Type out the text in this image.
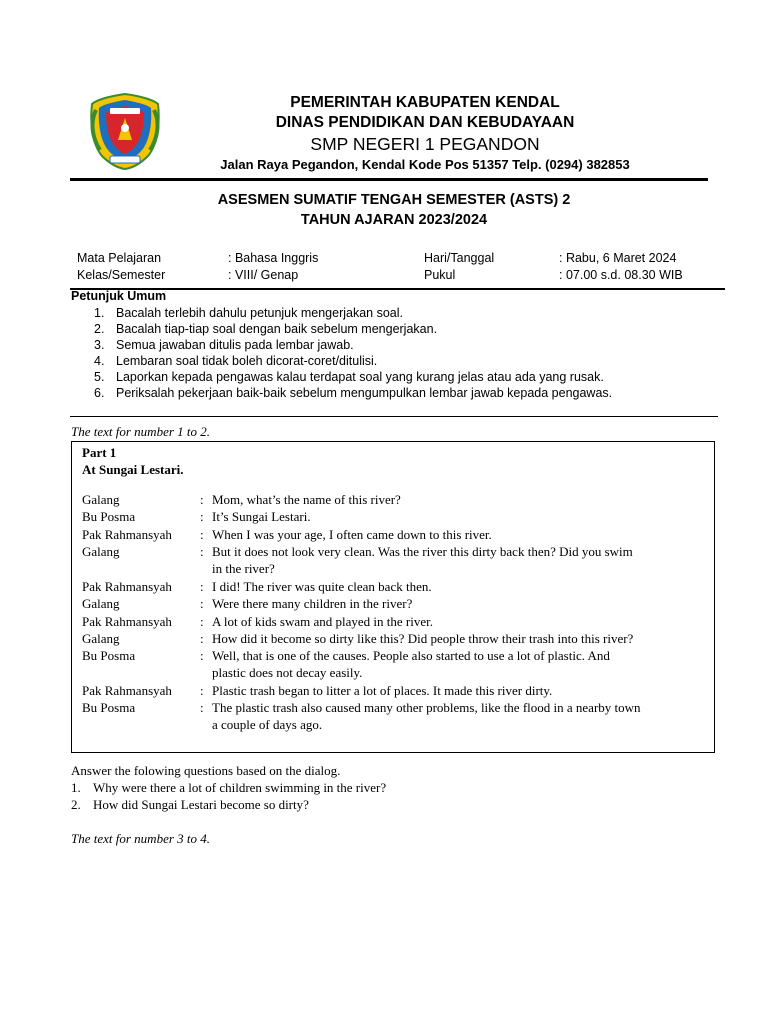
PEMERINTAH KABUPATEN KENDAL
DINAS PENDIDIKAN DAN KEBUDAYAAN
SMP NEGERI 1 PEGANDON
Jalan Raya Pegandon, Kendal Kode Pos 51357 Telp. (0294) 382853
ASESMEN SUMATIF TENGAH SEMESTER (ASTS) 2
TAHUN AJARAN 2023/2024
Mata Pelajaran	: Bahasa Inggris	Hari/Tanggal	: Rabu, 6 Maret 2024
Kelas/Semester	: VIII/ Genap	Pukul	: 07.00 s.d. 08.30 WIB
Petunjuk Umum
1. Bacalah terlebih dahulu petunjuk mengerjakan soal.
2. Bacalah tiap-tiap soal dengan baik sebelum mengerjakan.
3. Semua jawaban ditulis pada lembar jawab.
4. Lembaran soal tidak boleh dicorat-coret/ditulisi.
5. Laporkan kepada pengawas kalau terdapat soal yang kurang jelas atau ada yang rusak.
6. Periksalah pekerjaan baik-baik sebelum mengumpulkan lembar jawab kepada pengawas.
The text for number 1 to 2.
Part 1
At Sungai Lestari.
Galang	: Mom, what’s the name of this river?
Bu Posma	: It’s Sungai Lestari.
Pak Rahmansyah	: When I was your age, I often came down to this river.
Galang	: But it does not look very clean. Was the river this dirty back then? Did you swim
in the river?
Pak Rahmansyah	: I did! The river was quite clean back then.
Galang	: Were there many children in the river?
Pak Rahmansyah	: A lot of kids swam and played in the river.
Galang	: How did it become so dirty like this? Did people throw their trash into this river?
Bu Posma	: Well, that is one of the causes. People also started to use a lot of plastic. And
plastic does not decay easily.
Pak Rahmansyah	: Plastic trash began to litter a lot of places. It made this river dirty.
Bu Posma	: The plastic trash also caused many other problems, like the flood in a nearby town
a couple of days ago.
Answer the folowing questions based on the dialog.
1. Why were there a lot of children swimming in the river?
2. How did Sungai Lestari become so dirty?
The text for number 3 to 4.
